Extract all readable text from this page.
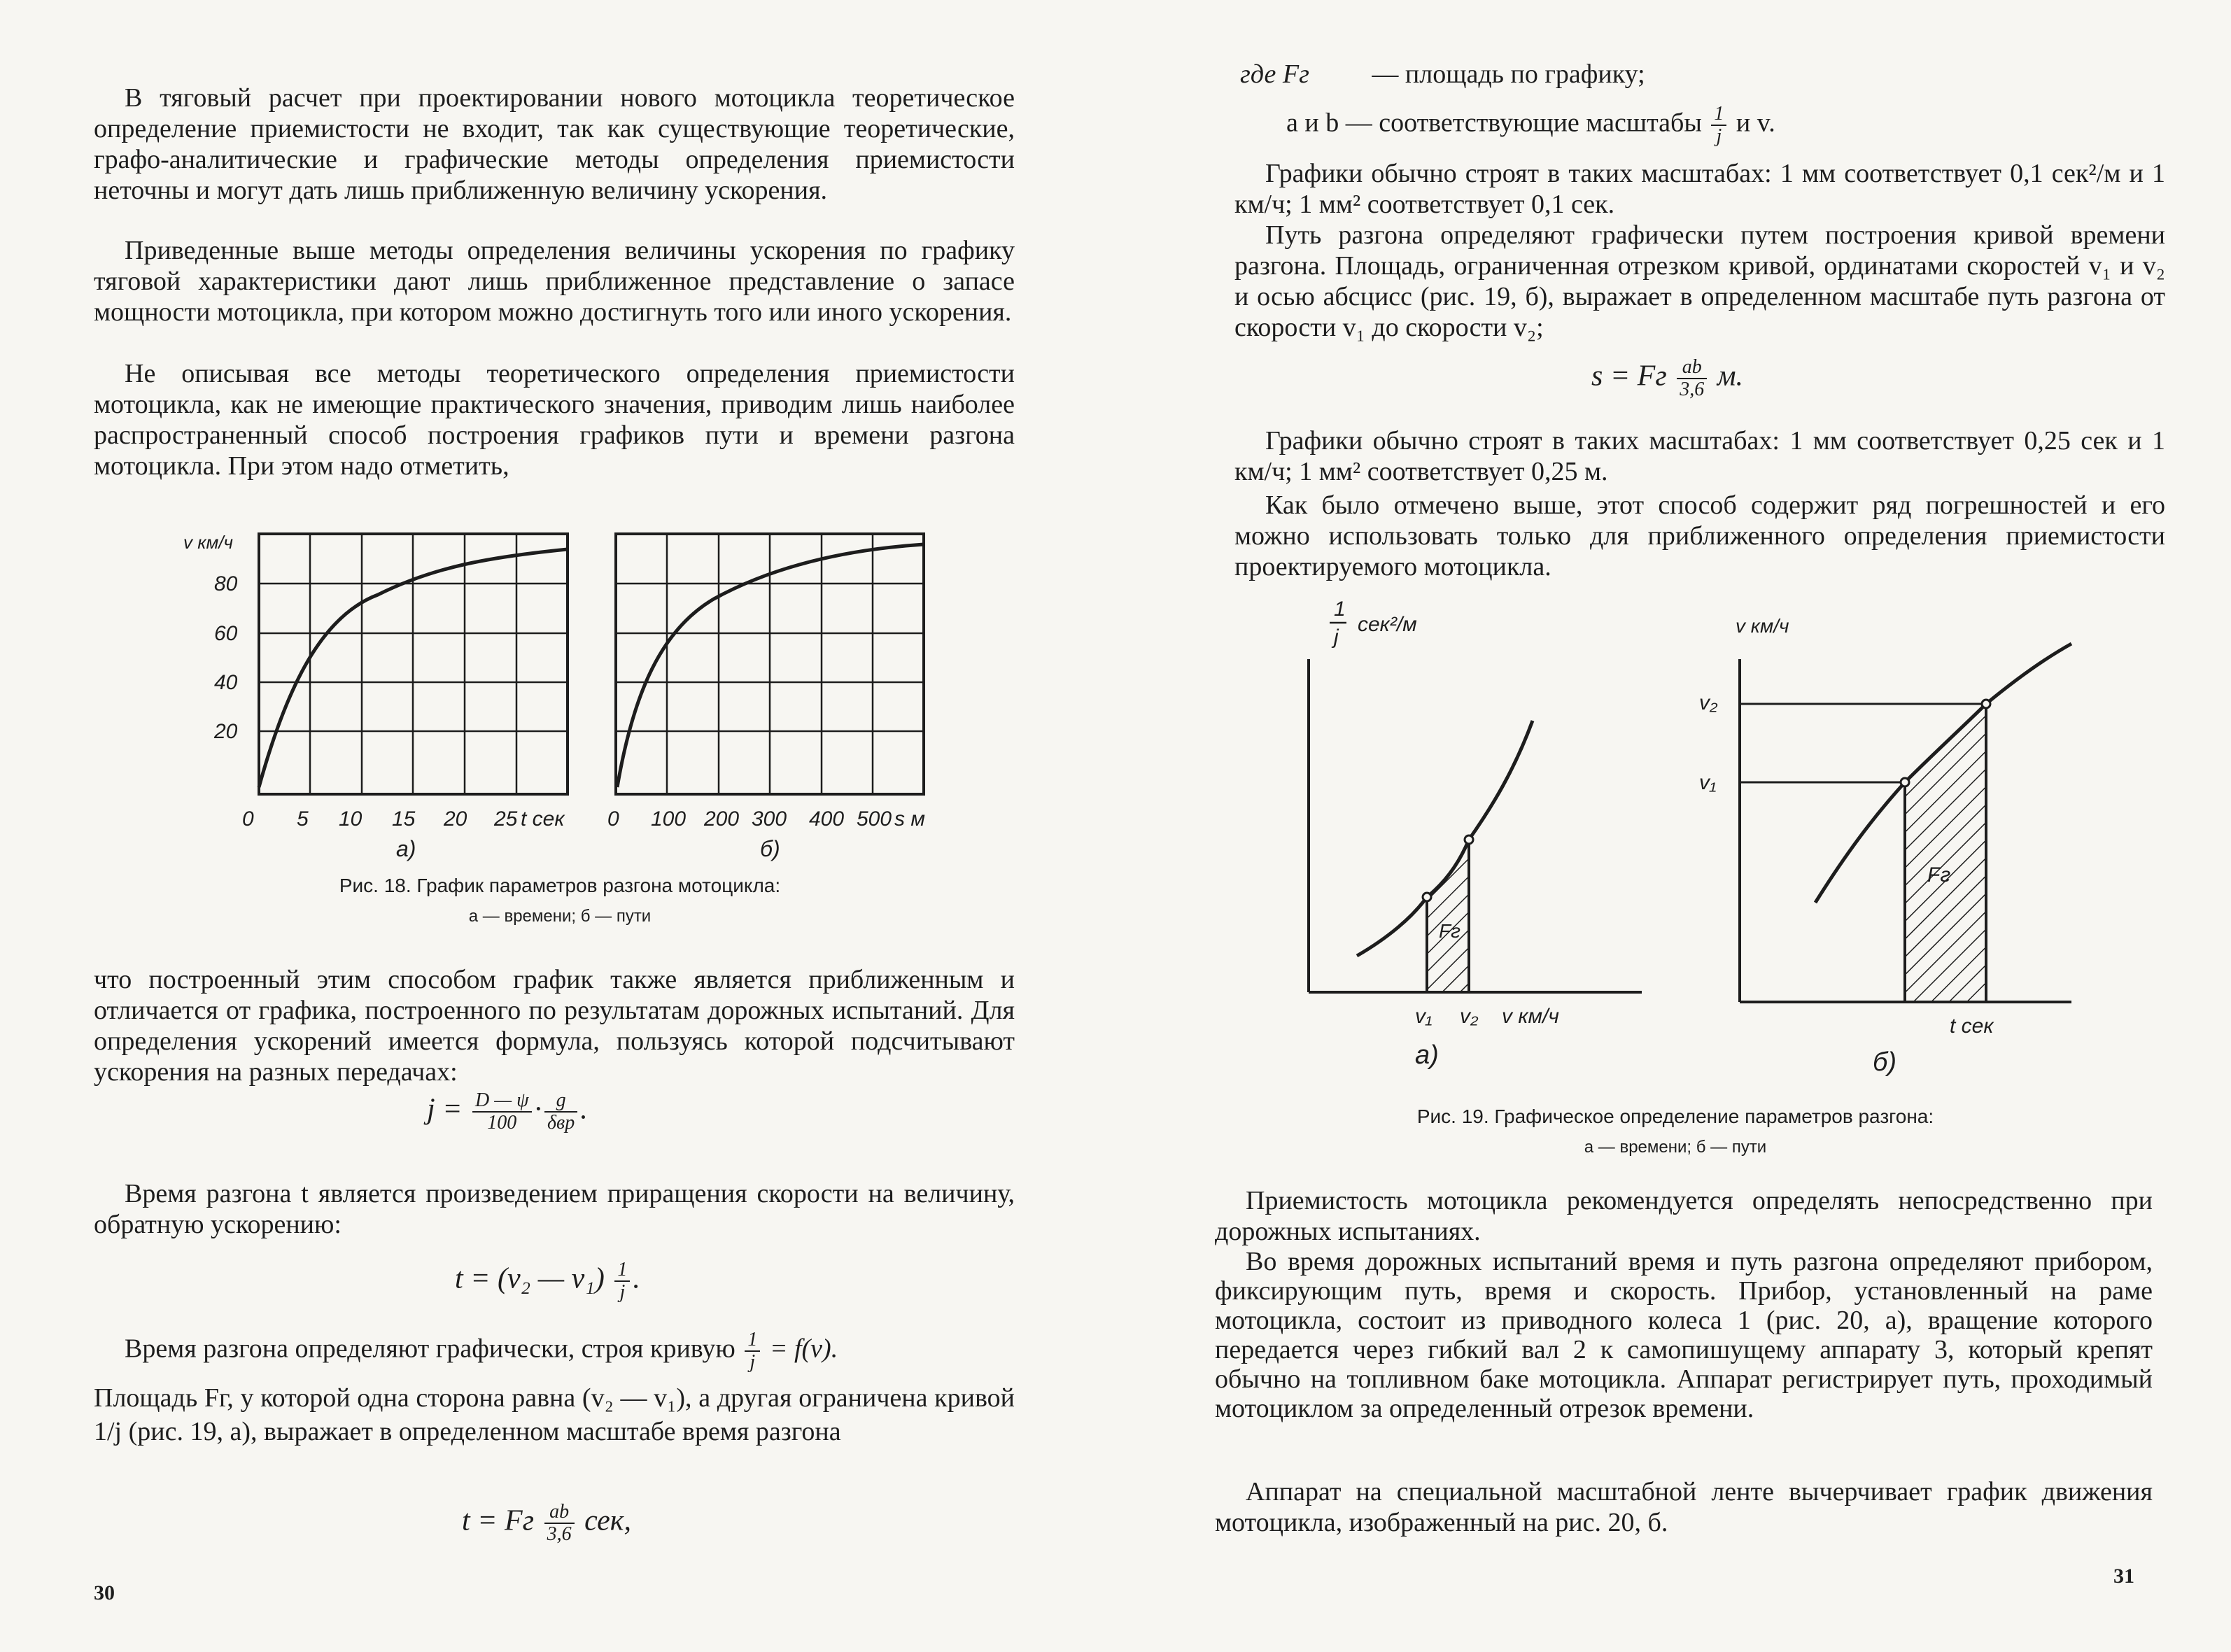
В тяговый расчет при проектировании нового мотоцикла теоретическое определение приемистости не входит, так как существующие теоретические, графо-аналитические и графические методы определения приемистости неточны и могут дать лишь приближенную величину ускорения.

Приведенные выше методы определения величины ускорения по графику тяговой характеристики дают лишь приближенное представление о запасе мощности мотоцикла, при котором можно достигнуть того или иного ускорения.

Не описывая все методы теоретического определения приемистости мотоцикла, как не имеющие практического значения, приводим лишь наиболее распространенный способ построения графиков пути и времени разгона мотоцикла. При этом надо отметить,

v км/ч
80
60
40
20
0 5 10 15 20 25 t сек
а)
0 100 200 300 400 500 s м
б)
Рис. 18. График параметров разгона мотоцикла:
а — времени; б — пути

что построенный этим способом график также является приближенным и отличается от графика, построенного по результатам дорожных испытаний. Для определения ускорений имеется формула, пользуясь которой подсчитывают ускорения на разных передачах:

$j = \frac{D — \psi}{100} \cdot \frac{g}{\text{δвр}}$ .

Время разгона t является произведением приращения скорости на величину, обратную ускорению:

t = (v₂ — $v_1) \frac{1}{j}$ .
Время разгона определяют графически, строя кривую $\frac{1}{j} = f(v)$.

Площадь Fг, у которой одна сторона равна (v₂ — v₁), а другая ограничена кривой 1/j (рис. 19, а), выражает в определенном масштабе время разгона

t = Fг $\frac{ab}{3,6}$ сек,
30
где Fг — площадь по графику;
а и b — соответствующие масштабы $\frac{1}{j}$ и v.

Графики обычно строят в таких масштабах: 1 мм соответствует 0,1 сек²/м и 1 км/ч; 1 мм² соответствует 0,1 сек.

Путь разгона определяют графически путем построения кривой времени разгона. Площадь, ограниченная отрезком кривой, ординатами скоростей v₁ и v₂ и осью абсцисс (рис. 19, б), выражает в определенном масштабе путь разгона от скорости v₁ до скорости v₂;

s = Fг $\frac{ab}{3,6} м$.

Графики обычно строят в таких масштабах: 1 мм соответствует 0,25 сек и 1 км/ч; 1 мм² соответствует 0,25 м.

Как было отмечено выше, этот способ содержит ряд погрешностей и его можно использовать только для приближенного определения приемистости проектируемого мотоцикла.

1
j
сек²/м
Fг
v₁ v₂ v км/ч
а)
v км/ч
v₂
v₁
Fг
t сек
б)
Рис. 19. Графическое определение параметров разгона:
а — времени; б — пути

Приемистость мотоцикла рекомендуется определять непосредственно при дорожных испытаниях.

Во время дорожных испытаний время и путь разгона определяют прибором, фиксирующим путь, время и скорость. Прибор, установленный на раме мотоцикла, состоит из приводного колеса 1 (рис. 20, а), вращение которого передается через гибкий вал 2 к самопишущему аппарату 3, который крепят обычно на топливном баке мотоцикла. Аппарат регистрирует путь, проходимый мотоциклом за определенный отрезок времени.

Аппарат на специальной масштабной ленте вычерчивает график движения мотоцикла, изображенный на рис. 20, б.

31
